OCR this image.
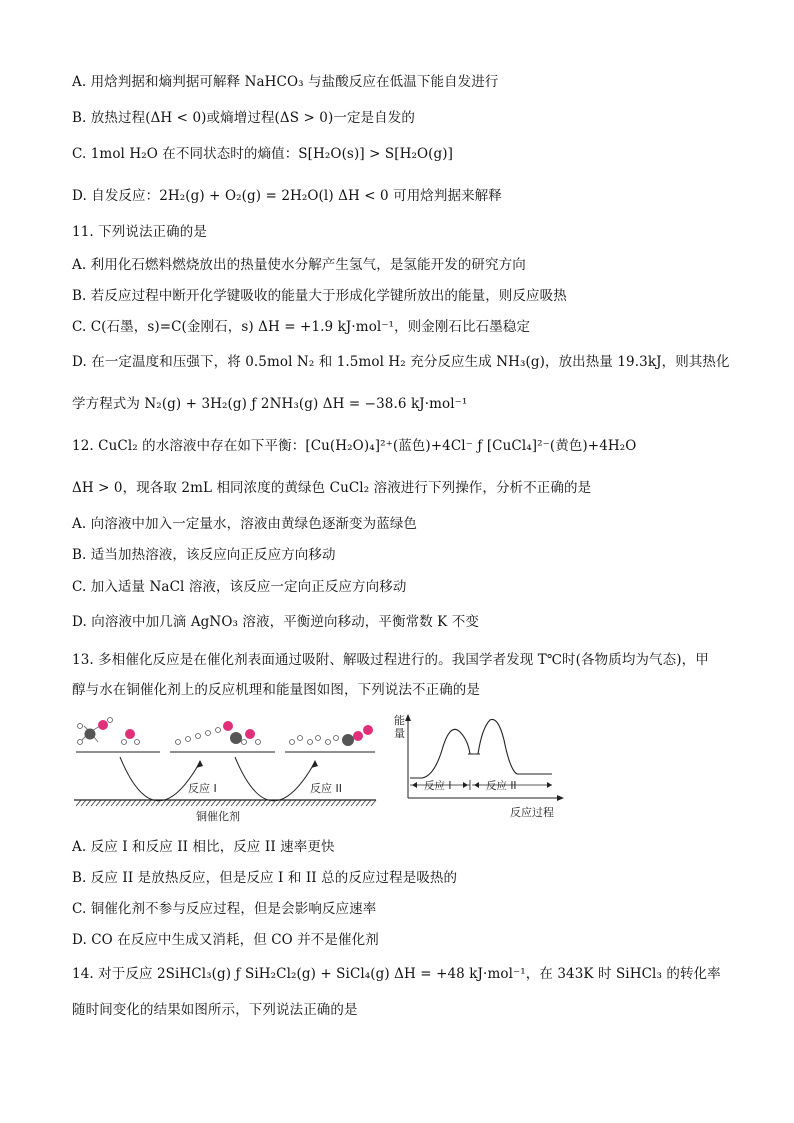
A. 用焓判据和熵判据可解释 NaHCO₃ 与盐酸反应在低温下能自发进行
B. 放热过程(ΔH < 0)或熵增过程(ΔS > 0)一定是自发的
C. 1mol H₂O 在不同状态时的熵值：S[H₂O(s)] > S[H₂O(g)]
D. 自发反应：2H₂(g) + O₂(g) = 2H₂O(l) ΔH < 0 可用焓判据来解释
11. 下列说法正确的是
A. 利用化石燃料燃烧放出的热量使水分解产生氢气，是氢能开发的研究方向
B. 若反应过程中断开化学键吸收的能量大于形成化学键所放出的能量，则反应吸热
C. C(石墨，s)=C(金刚石，s) ΔH = +1.9 kJ·mol⁻¹，则金刚石比石墨稳定
D. 在一定温度和压强下，将 0.5mol N₂ 和 1.5mol H₂ 充分反应生成 NH₃(g)，放出热量 19.3kJ，则其热化
学方程式为 N₂(g) + 3H₂(g) ƒ 2NH₃(g) ΔH = −38.6 kJ·mol⁻¹
12. CuCl₂ 的水溶液中存在如下平衡：[Cu(H₂O)₄]²⁺(蓝色)+4Cl⁻ ƒ [CuCl₄]²⁻(黄色)+4H₂O
ΔH > 0，现各取 2mL 相同浓度的黄绿色 CuCl₂ 溶液进行下列操作，分析不正确的是
A. 向溶液中加入一定量水，溶液由黄绿色逐渐变为蓝绿色
B. 适当加热溶液，该反应向正反应方向移动
C. 加入适量 NaCl 溶液，该反应一定向正反应方向移动
D. 向溶液中加几滴 AgNO₃ 溶液，平衡逆向移动，平衡常数 K 不变
13. 多相催化反应是在催化剂表面通过吸附、解吸过程进行的。我国学者发现 T℃时(各物质均为气态)，甲
醇与水在铜催化剂上的反应机理和能量图如图，下列说法不正确的是
A. 反应 I 和反应 II 相比，反应 II 速率更快
B. 反应 II 是放热反应，但是反应 I 和 II 总的反应过程是吸热的
C. 铜催化剂不参与反应过程，但是会影响反应速率
D. CO 在反应中生成又消耗，但 CO 并不是催化剂
14. 对于反应 2SiHCl₃(g) ƒ SiH₂Cl₂(g) + SiCl₄(g) ΔH = +48 kJ·mol⁻¹，在 343K 时 SiHCl₃ 的转化率
随时间变化的结果如图所示，下列说法正确的是
反应 I	反应 II
铜催化剂
能
量
反应 I	反应 II
反应过程
